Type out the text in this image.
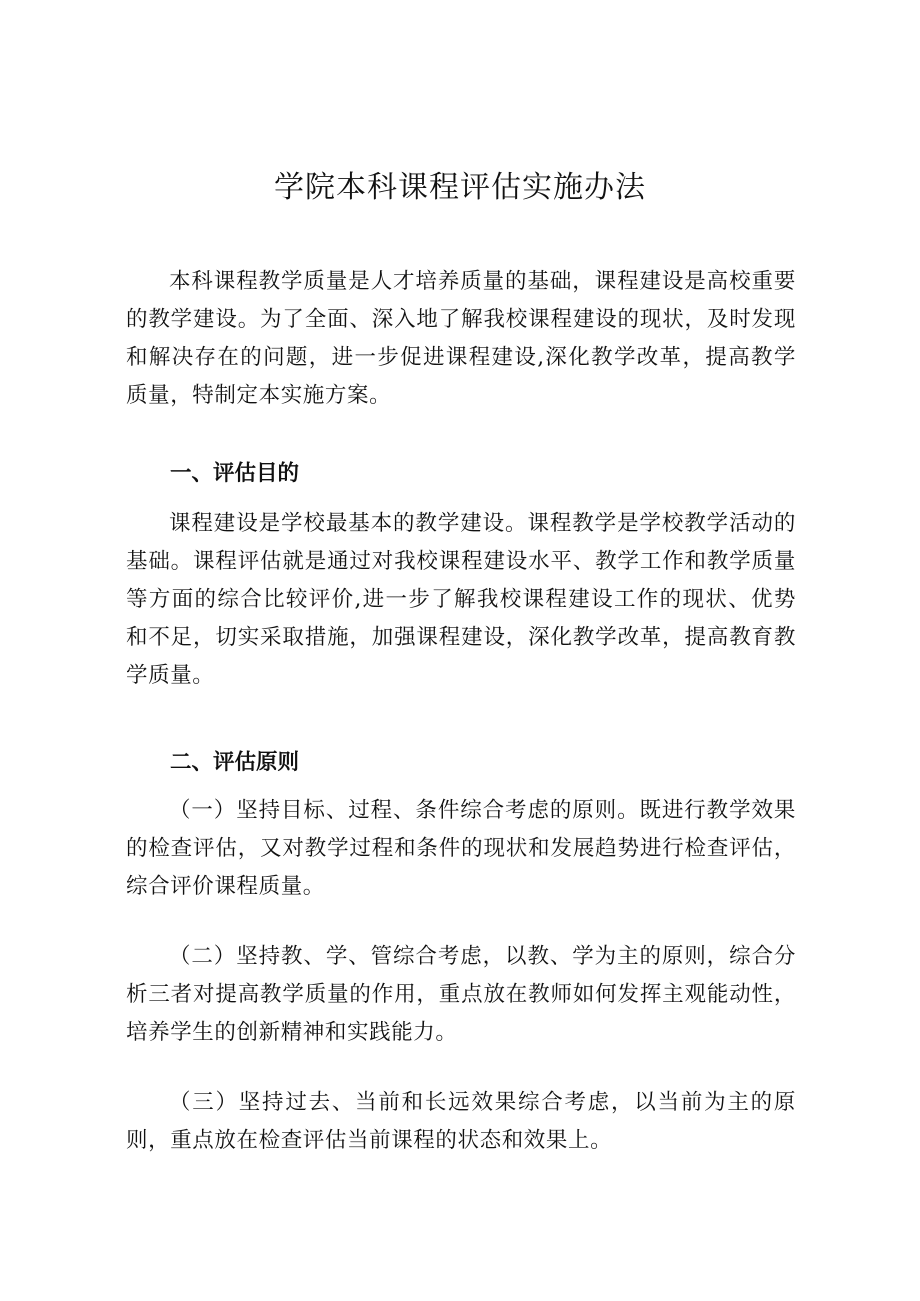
学院本科课程评估实施办法

本科课程教学质量是人才培养质量的基础，课程建设是高校重要的教学建设。为了全面、深入地了解我校课程建设的现状，及时发现和解决存在的问题，进一步促进课程建设,深化教学改革，提高教学质量，特制定本实施方案。

一、评估目的

课程建设是学校最基本的教学建设。课程教学是学校教学活动的基础。课程评估就是通过对我校课程建设水平、教学工作和教学质量等方面的综合比较评价,进一步了解我校课程建设工作的现状、优势和不足，切实采取措施，加强课程建设，深化教学改革，提高教育教学质量。

二、评估原则

（一）坚持目标、过程、条件综合考虑的原则。既进行教学效果的检查评估，又对教学过程和条件的现状和发展趋势进行检查评估，综合评价课程质量。

（二）坚持教、学、管综合考虑，以教、学为主的原则，综合分析三者对提高教学质量的作用，重点放在教师如何发挥主观能动性，培养学生的创新精神和实践能力。

（三）坚持过去、当前和长远效果综合考虑，以当前为主的原则，重点放在检查评估当前课程的状态和效果上。
